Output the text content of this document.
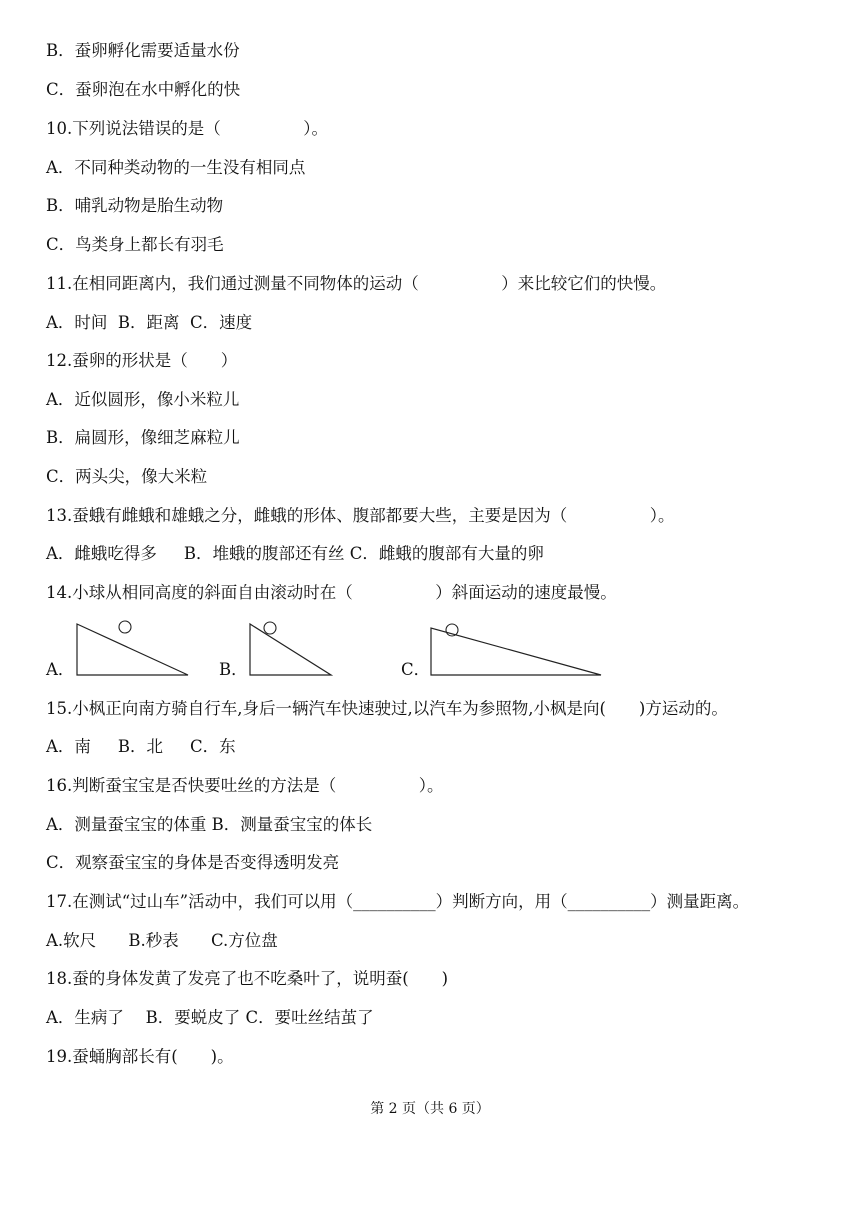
B．蚕卵孵化需要适量水份
C．蚕卵泡在水中孵化的快
10.下列说法错误的是（　　　　　）。
A．不同种类动物的一生没有相同点
B．哺乳动物是胎生动物
C．鸟类身上都长有羽毛
11.在相同距离内，我们通过测量不同物体的运动（　　　　　）来比较它们的快慢。
A．时间  B．距离  C．速度
12.蚕卵的形状是（　　）
A．近似圆形，像小米粒儿
B．扁圆形，像细芝麻粒儿
C．两头尖，像大米粒
13.蚕蛾有雌蛾和雄蛾之分，雌蛾的形体、腹部都要大些，主要是因为（　　　　　）。
A．雌蛾吃得多　  B．堆蛾的腹部还有丝 C．雌蛾的腹部有大量的卵
14.小球从相同高度的斜面自由滚动时在（　　　　　）斜面运动的速度最慢。
A．	B．	C．
15.小枫正向南方骑自行车,身后一辆汽车快速驶过,以汽车为参照物,小枫是向(　　)方运动的。
A．南　  B．北　  C．东
16.判断蚕宝宝是否快要吐丝的方法是（　　　　　）。
A．测量蚕宝宝的体重 B．测量蚕宝宝的体长
C．观察蚕宝宝的身体是否变得透明发亮
17.在测试“过山车”活动中，我们可以用（__________）判断方向，用（__________）测量距离。
A.软尺　   B.秒表　   C.方位盘
18.蚕的身体发黄了发亮了也不吃桑叶了，说明蚕(　　)
A．生病了　 B．要蜕皮了 C．要吐丝结茧了
19.蚕蛹胸部长有(　　)。
第 2 页（共 6 页）
